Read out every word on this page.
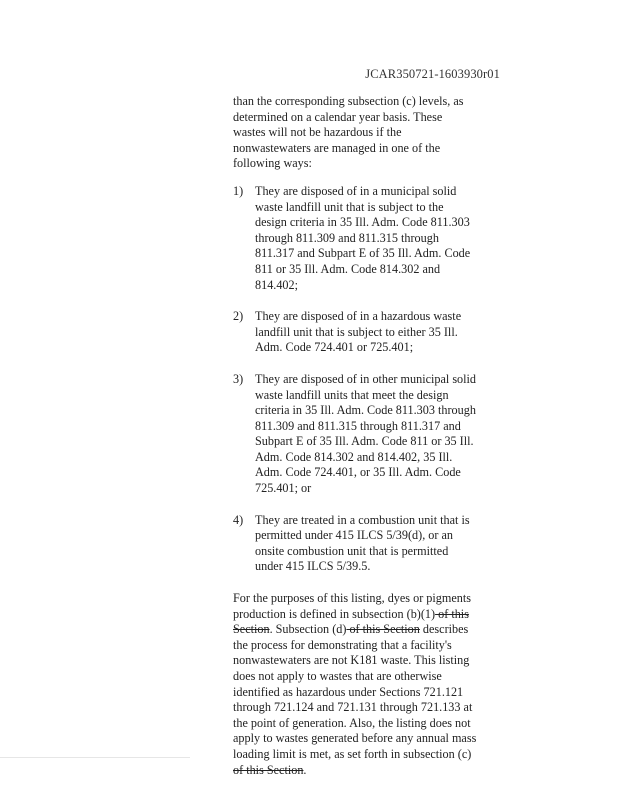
JCAR350721-1603930r01

than the corresponding subsection (c) levels, as determined on a calendar year basis. These wastes will not be hazardous if the nonwastewaters are managed in one of the following ways:

1) They are disposed of in a municipal solid waste landfill unit that is subject to the design criteria in 35 Ill. Adm. Code 811.303 through 811.309 and 811.315 through 811.317 and Subpart E of 35 Ill. Adm. Code 811 or 35 Ill. Adm. Code 814.302 and 814.402;
2) They are disposed of in a hazardous waste landfill unit that is subject to either 35 Ill. Adm. Code 724.401 or 725.401;
3) They are disposed of in other municipal solid waste landfill units that meet the design criteria in 35 Ill. Adm. Code 811.303 through 811.309 and 811.315 through 811.317 and Subpart E of 35 Ill. Adm. Code 811 or 35 Ill. Adm. Code 814.302 and 814.402, 35 Ill. Adm. Code 724.401, or 35 Ill. Adm. Code 725.401; or
4) They are treated in a combustion unit that is permitted under 415 ILCS 5/39(d), or an onsite combustion unit that is permitted under 415 ILCS 5/39.5.

For the purposes of this listing, dyes or pigments production is defined in subsection (b)(1) of this Section. Subsection (d) of this Section describes the process for demonstrating that a facility's nonwastewaters are not K181 waste. This listing does not apply to wastes that are otherwise identified as hazardous under Sections 721.121 through 721.124 and 721.131 through 721.133 at the point of generation. Also, the listing does not apply to wastes generated before any annual mass loading limit is met, as set forth in subsection (c) of this Section.
